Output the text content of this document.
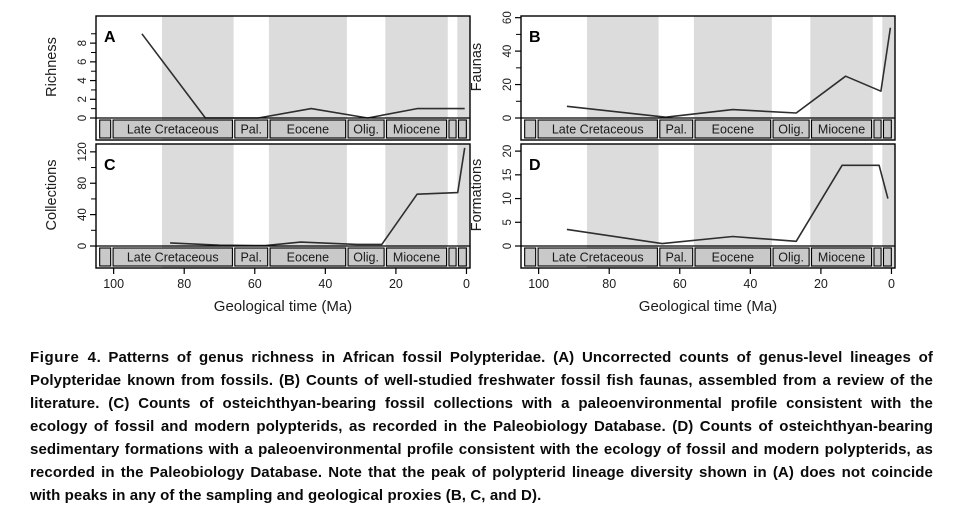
0
2
4
6
8
Richness
Late Cretaceous Pal. Eocene Olig. Miocene
A
0
20
40
60
Faunas
Late Cretaceous Pal. Eocene Olig. Miocene
B
0
40
80
120
Collections
Late Cretaceous Pal. Eocene Olig. Miocene
C
100	80	60	40	20	0
Geological time (Ma)
0
5
10
15
20
Formations
Late Cretaceous Pal. Eocene Olig. Miocene
D
100	80	60	40	20	0
Geological time (Ma)
Figure 4. Patterns of genus richness in African fossil Polypteridae. (A) Uncorrected counts of genus-level lineages of Polypteridae known from fossils. (B) Counts of well-studied freshwater fossil fish faunas, assembled from a review of the literature. (C) Counts of osteichthyan-bearing fossil collections with a paleoenvironmental profile consistent with the ecology of fossil and modern polypterids, as recorded in the Paleobiology Database. (D) Counts of osteichthyan-bearing sedimentary formations with a paleoenvironmental profile consistent with the ecology of fossil and modern polypterids, as recorded in the Paleobiology Database. Note that the peak of polypterid lineage diversity shown in (A) does not coincide with peaks in any of the sampling and geological proxies (B, C, and D).
